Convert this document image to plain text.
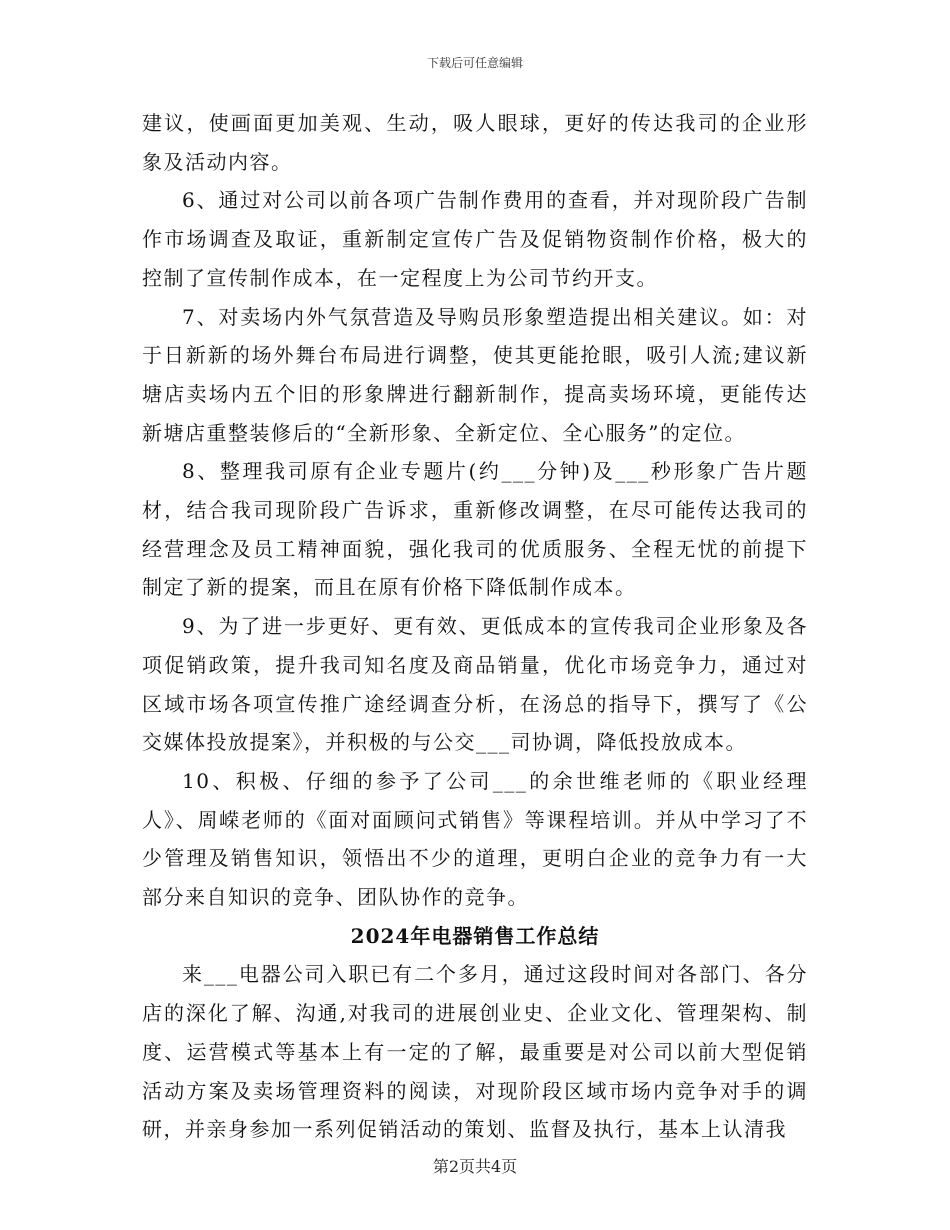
下载后可任意编辑

建议，使画面更加美观、生动，吸人眼球，更好的传达我司的企业形象及活动内容。

6、通过对公司以前各项广告制作费用的查看，并对现阶段广告制作市场调查及取证，重新制定宣传广告及促销物资制作价格，极大的控制了宣传制作成本，在一定程度上为公司节约开支。

7、对卖场内外气氛营造及导购员形象塑造提出相关建议。如：对于日新新的场外舞台布局进行调整，使其更能抢眼，吸引人流;建议新塘店卖场内五个旧的形象牌进行翻新制作，提高卖场环境，更能传达新塘店重整装修后的“全新形象、全新定位、全心服务”的定位。

8、整理我司原有企业专题片(约___分钟)及___秒形象广告片题材，结合我司现阶段广告诉求，重新修改调整，在尽可能传达我司的经营理念及员工精神面貌，强化我司的优质服务、全程无忧的前提下制定了新的提案，而且在原有价格下降低制作成本。

9、为了进一步更好、更有效、更低成本的宣传我司企业形象及各项促销政策，提升我司知名度及商品销量，优化市场竞争力，通过对区域市场各项宣传推广途经调查分析，在汤总的指导下，撰写了《公交媒体投放提案》，并积极的与公交___司协调，降低投放成本。

10、积极、仔细的参予了公司___的余世维老师的《职业经理人》、周嵘老师的《面对面顾问式销售》等课程培训。并从中学习了不少管理及销售知识，领悟出不少的道理，更明白企业的竞争力有一大部分来自知识的竞争、团队协作的竞争。

2024年电器销售工作总结

来___电器公司入职已有二个多月，通过这段时间对各部门、各分店的深化了解、沟通,对我司的进展创业史、企业文化、管理架构、制度、运营模式等基本上有一定的了解，最重要是对公司以前大型促销活动方案及卖场管理资料的阅读，对现阶段区域市场内竞争对手的调研，并亲身参加一系列促销活动的策划、监督及执行，基本上认清我

第2页共4页
